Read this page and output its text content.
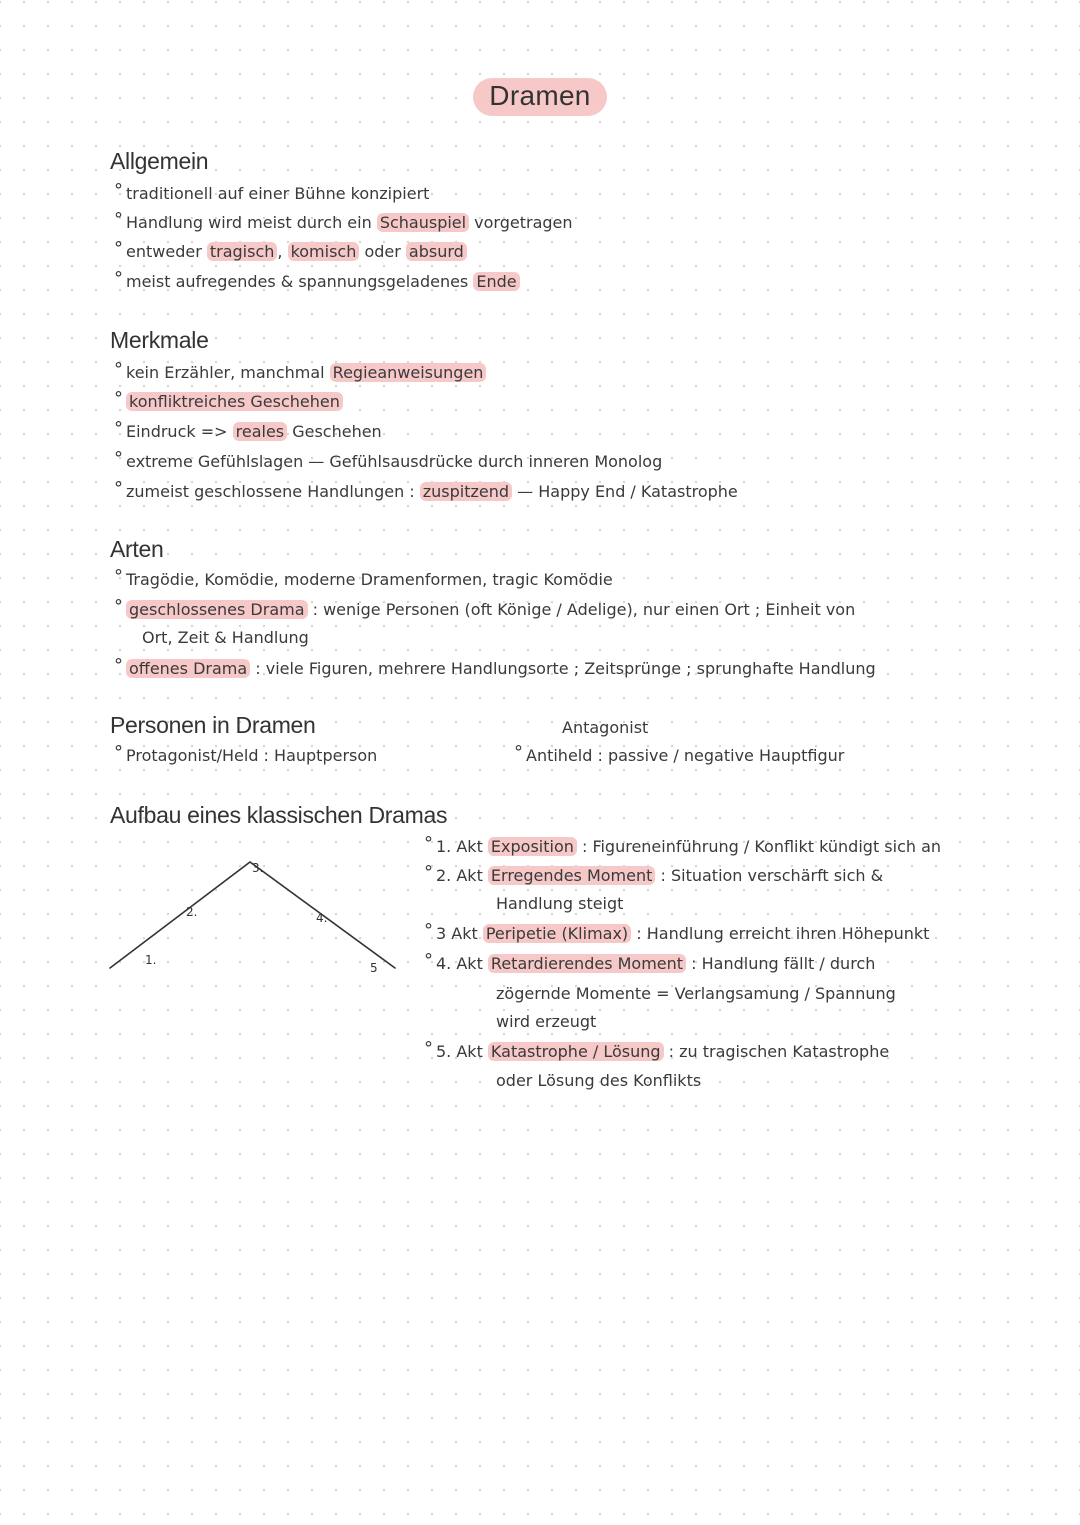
Dramen
Allgemein
° traditionell auf einer Bühne konzipiert
° Handlung wird meist durch ein Schauspiel vorgetragen
° entweder tragisch , komisch oder absurd
° meist aufregendes & spannungsgeladenes Ende
Merkmale
° kein Erzähler, manchmal Regieanweisungen
° konfliktreiches Geschehen
° Eindruck => reales Geschehen
° extreme Gefühlslagen — Gefühlsausdrücke durch inneren Monolog
° zumeist geschlossene Handlungen : zuspitzend — Happy End / Katastrophe
Arten
° Tragödie, Komödie, moderne Dramenformen, tragic Komödie
° geschlossenes Drama : wenige Personen (oft Könige / Adelige), nur einen Ort ; Einheit von
Ort, Zeit & Handlung
° offenes Drama : viele Figuren, mehrere Handlungsorte ; Zeitsprünge ; sprunghafte Handlung
Personen in Dramen
° Protagonist/Held : Hauptperson
Antagonist
° Antiheld : passive / negative Hauptfigur
Aufbau eines klassischen Dramas
1.
2.
3.
4.
5
° 1. Akt Exposition : Figureneinführung / Konflikt kündigt sich an
° 2. Akt Erregendes Moment : Situation verschärft sich &
Handlung steigt
° 3 Akt Peripetie (Klimax) : Handlung erreicht ihren Höhepunkt
° 4. Akt Retardierendes Moment : Handlung fällt / durch
zögernde Momente = Verlangsamung / Spannung
wird erzeugt
° 5. Akt Katastrophe / Lösung : zu tragischen Katastrophe
oder Lösung des Konflikts
